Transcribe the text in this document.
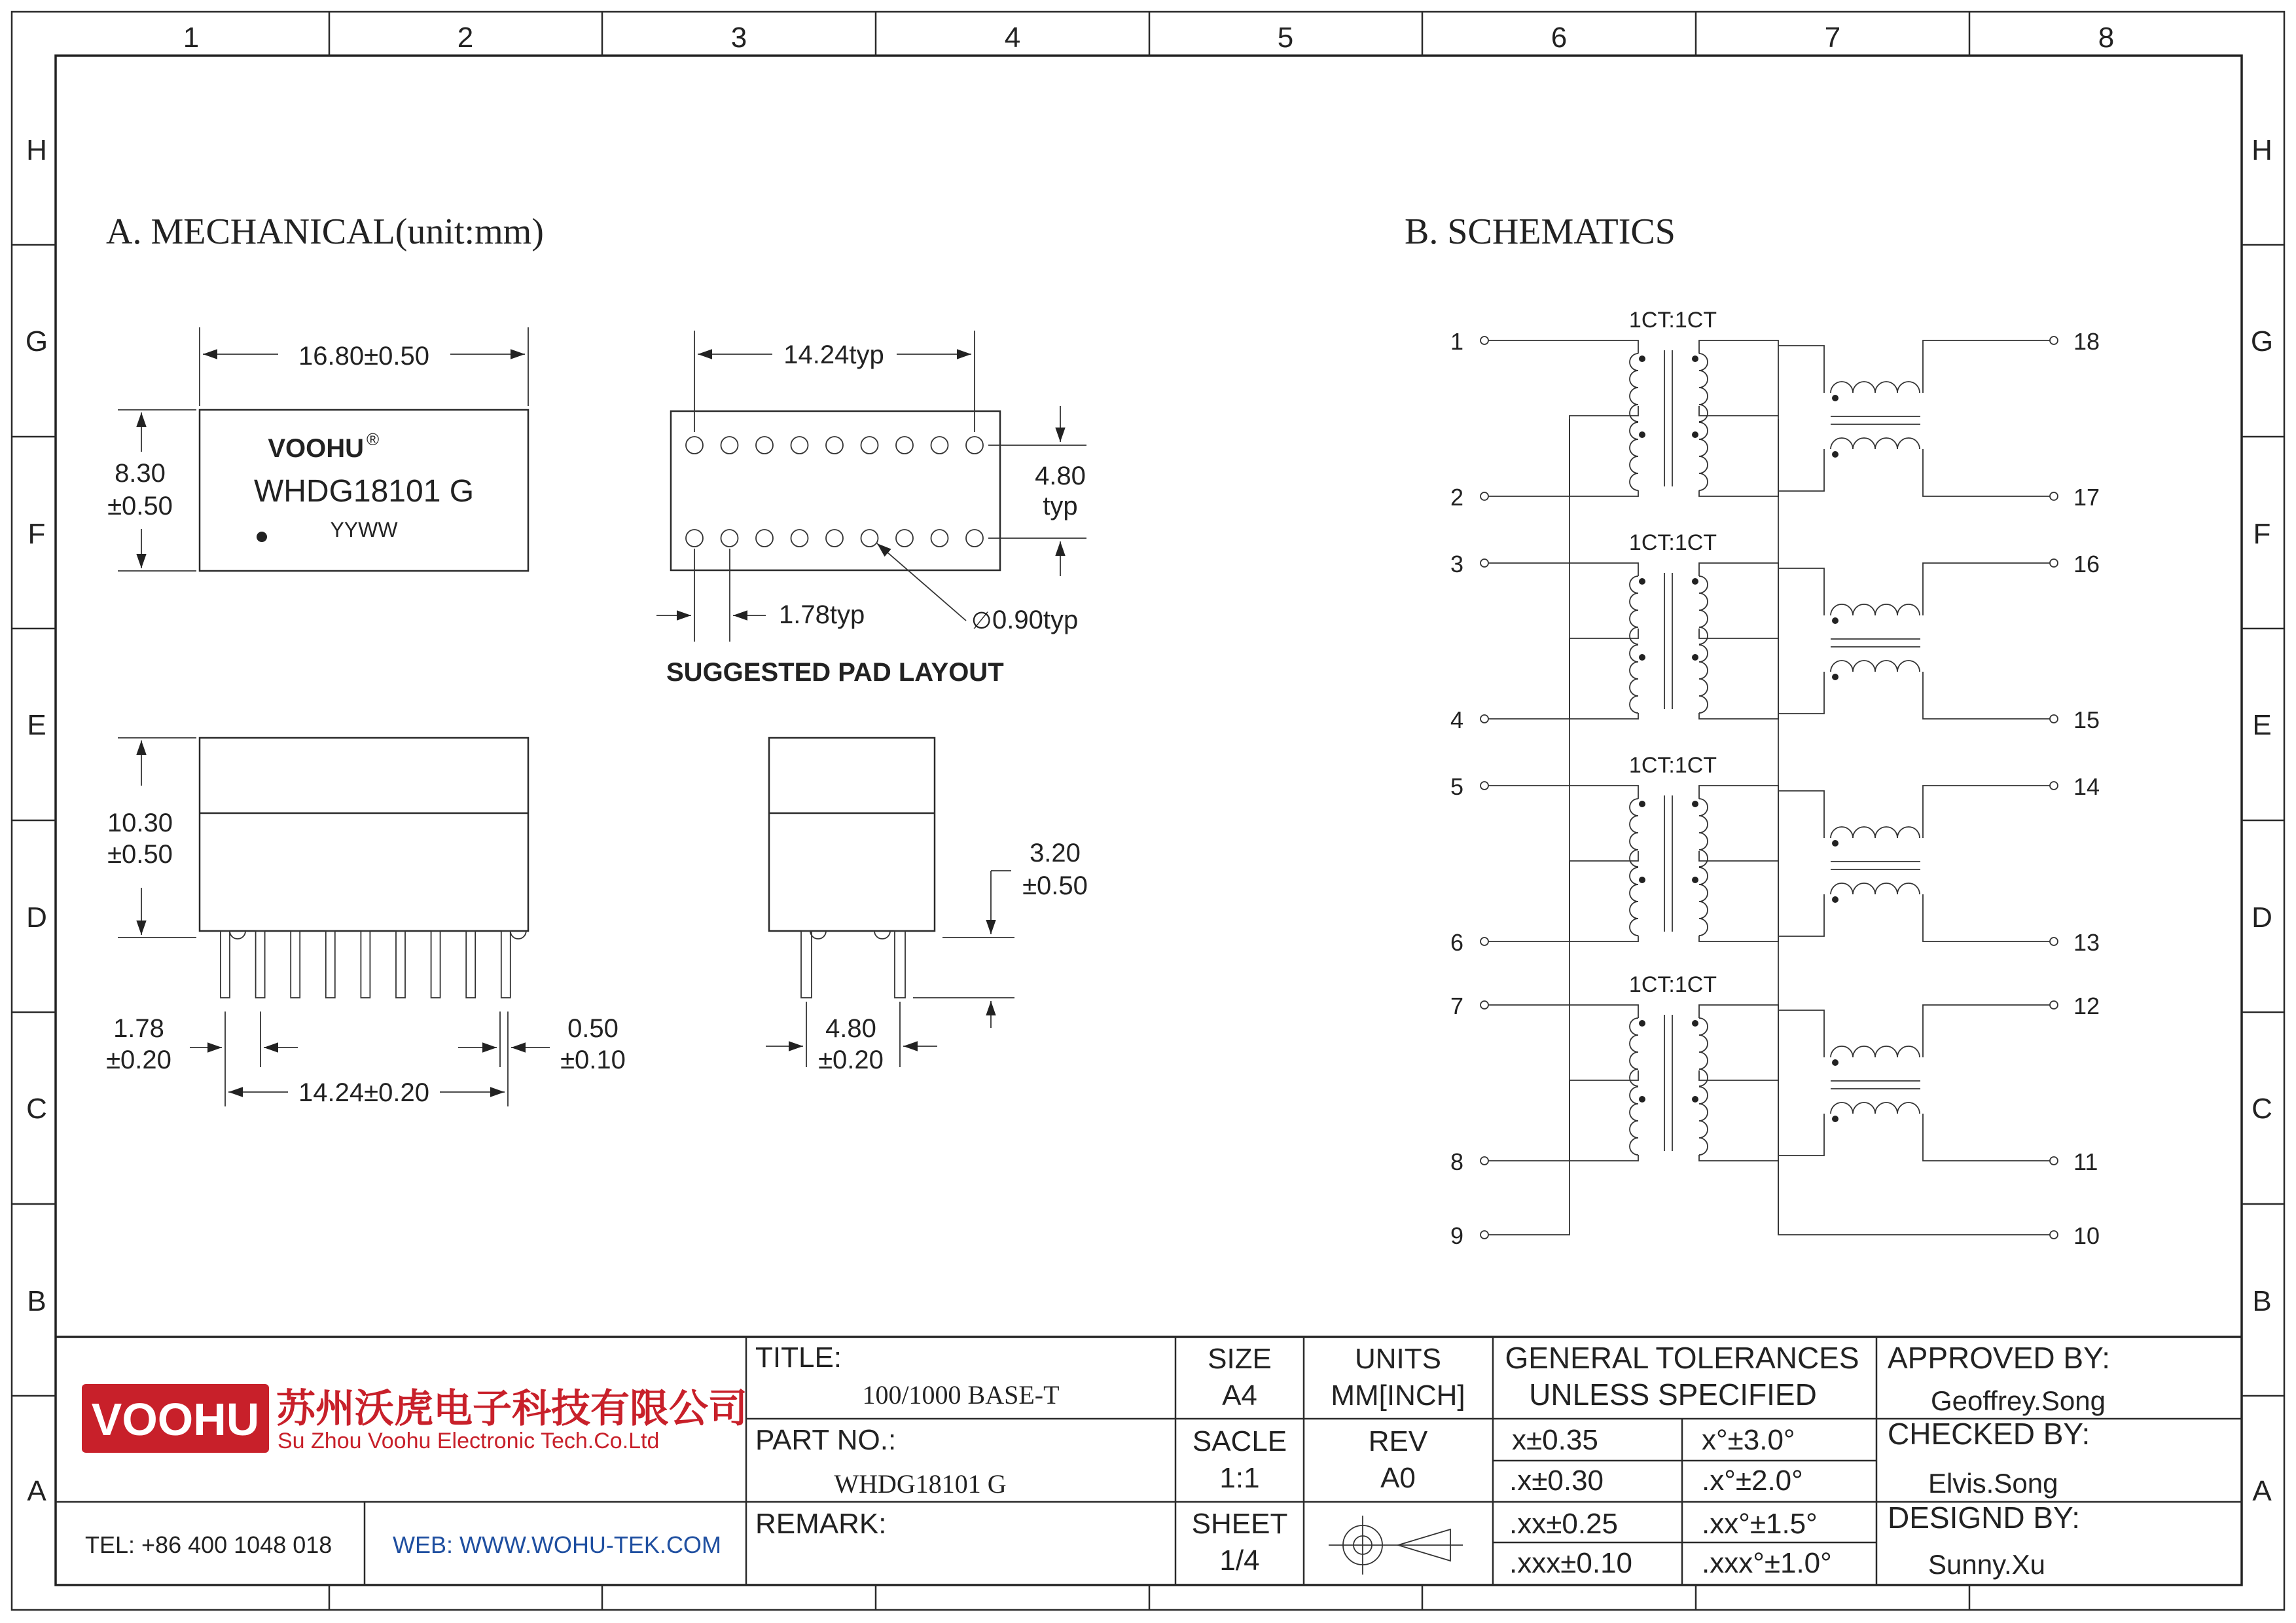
1	2	3	4	5	6	7	8
H	H
G	G
F	F
E	E
D	D
C	C
B	B
A	A
A. MECHANICAL(unit:mm)
16.80±0.50
8.30
±0.50
VOOHU ®
WHDG18101 G
YYWW
14.24typ
4.80
typ
1.78typ	∅ 0.90typ
SUGGESTED PAD LAYOUT
10.30
±0.50
1.78
±0.20
0.50
±0.10
14.24±0.20
3.20
±0.50
4.80
±0.20
B. SCHEMATICS
1
2
18
17
1CT:1CT
3
4
16
15
1CT:1CT
5
6
14
13
1CT:1CT
7
8
12
11
1CT:1CT
9	10
VOOHU 苏州沃虎电子科技有限公司
Su Zhou Voohu Electronic Tech.Co.Ltd
TEL: +86 400 1048 018	WEB: WWW.WOHU-TEK.COM
TITLE:
100/1000 BASE-T
PART NO.:
WHDG18101 G
REMARK:
SIZE
A4
SACLE
1:1
SHEET
1/4
UNITS
MM[INCH]
REV
A0
GENERAL TOLERANCES
UNLESS SPECIFIED
x±0.35	x°±3.0°
.x±0.30	.x°±2.0°
.xx±0.25	.xx°±1.5°
.xxx±0.10 .xxx°±1.0°
APPROVED BY:
Geoffrey.Song
CHECKED BY:
Elvis.Song
DESIGND BY:
Sunny.Xu
